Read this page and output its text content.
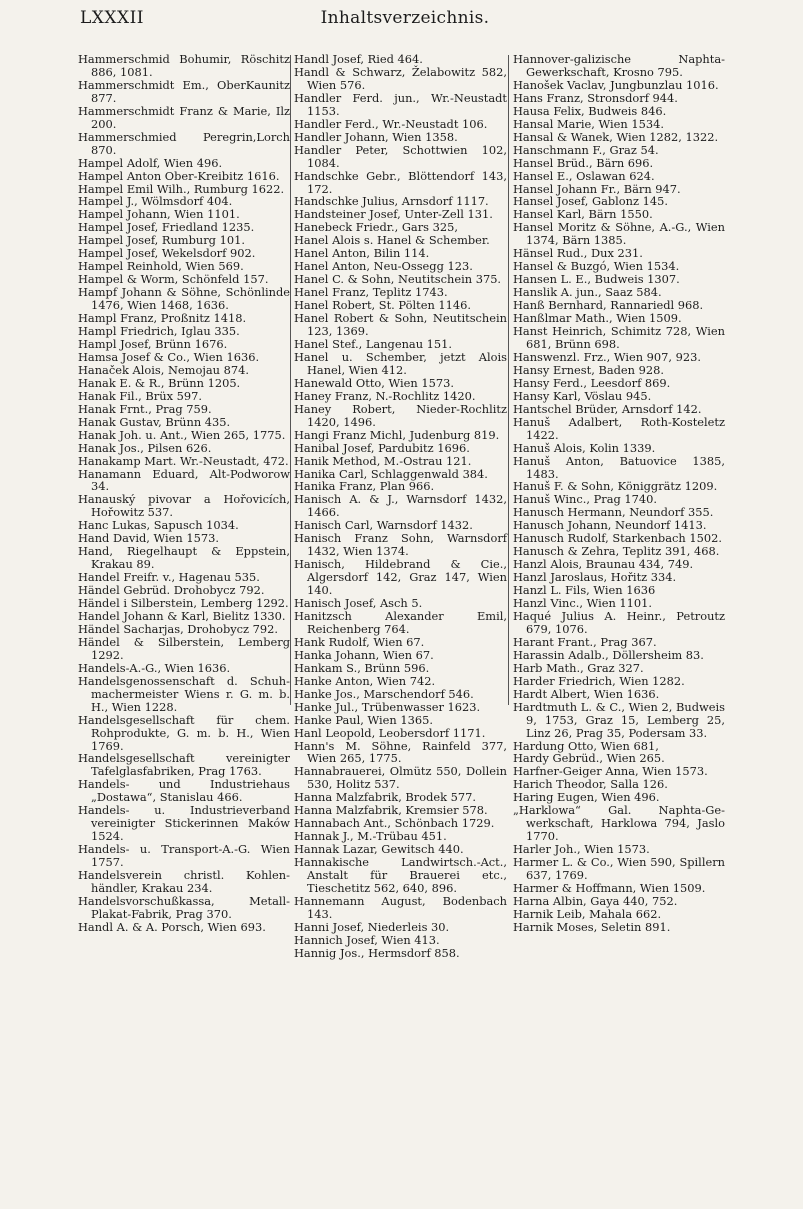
LXXXII	Inhaltsverzeichnis.

Hammerschmid Bohumir, Röschitz 886, 1081.

Hammerschmidt Em., OberKaunitz 877.

Hammerschmidt Franz & Marie, Ilz 200.

Hammerschmied Peregrin,Lorch 870.

Hampel Adolf, Wien 496.

Hampel Anton Ober-Kreibitz 1616.

Hampel Emil Wilh., Rumburg 1622.

Hampel J., Wölmsdorf 404.

Hampel Johann, Wien 1101.

Hampel Josef, Friedland 1235.

Hampel Josef, Rumburg 101.

Hampel Josef, Wekelsdorf 902.

Hampel Reinhold, Wien 569.

Hampel & Worm, Schönfeld 157.

Hampf Johann & Söhne, Schönlinde 1476, Wien 1468, 1636.

Hampl Franz, Proßnitz 1418.

Hampl Friedrich, Iglau 335.

Hampl Josef, Brünn 1676.

Hamsa Josef & Co., Wien 1636.

Hanaček Alois, Nemojau 874.

Hanak E. & R., Brünn 1205.

Hanak Fil., Brüx 597.

Hanak Frnt., Prag 759.

Hanak Gustav, Brünn 435.

Hanak Joh. u. Ant., Wien 265, 1775.

Hanak Jos., Pilsen 626.

Hanakamp Mart. Wr.-Neustadt, 472.

Hanamann Eduard, Alt-Podworow 34.

Hanauský pivovar a Hořovicích, Hořowitz 537.

Hanc Lukas, Sapusch 1034.

Hand David, Wien 1573.

Hand, Riegelhaupt & Eppstein, Krakau 89.

Handel Freifr. v., Hagenau 535.

Händel Gebrüd. Drohobycz 792.

Händel i Silberstein, Lemberg 1292.

Handel Johann & Karl, Bielitz 1330.

Händel Sacharjas, Drohobycz 792.

Händel & Silberstein, Lemberg 1292.

Handels-A.-G., Wien 1636.

Handelsgenossenschaft d. Schuhmachermeister Wiens r. G. m. b. H., Wien 1228.

Handelsgesellschaft für chem. Rohprodukte, G. m. b. H., Wien 1769.

Handelsgesellschaft vereinigter Tafelglasfabriken, Prag 1763.

Handels- und Industriehaus „Dostawa“, Stanislau 466.

Handels- u. Industrieverband vereinigter Stickerinnen Maków 1524.

Handels- u. Transport-A.-G. Wien 1757.

Handelsverein christl. Kohlenhändler, Krakau 234.

Handelsvorschußkassa, Metall-Plakat-Fabrik, Prag 370.

Handl A. & A. Porsch, Wien 693.

Handl Josef, Ried 464.

Handl & Schwarz, Želabowitz 582, Wien 576.

Handler Ferd. jun., Wr.-Neustadt 1153.

Handler Ferd., Wr.-Neustadt 106.

Handler Johann, Wien 1358.

Handler Peter, Schottwien 102, 1084.

Handschke Gebr., Blöttendorf 143, 172.

Handschke Julius, Arnsdorf 1117.

Handsteiner Josef, Unter-Zell 131.

Hanebeck Friedr., Gars 325,

Hanel Alois s. Hanel & Schember.

Hanel Anton, Bilin 114.

Hanel Anton, Neu-Ossegg 123.

Hanel C. & Sohn, Neutitschein 375.

Hanel Franz, Teplitz 1743.

Hanel Robert, St. Pölten 1146.

Hanel Robert & Sohn, Neutitschein 123, 1369.

Hanel Stef., Langenau 151.

Hanel u. Schember, jetzt Alois Hanel, Wien 412.

Hanewald Otto, Wien 1573.

Haney Franz, N.-Rochlitz 1420.

Haney Robert, Nieder-Rochlitz 1420, 1496.

Hangi Franz Michl, Judenburg 819.

Hanibal Josef, Pardubitz 1696.

Hanik Method, M.-Ostrau 121.

Hanika Carl, Schlaggenwald 384.

Hanika Franz, Plan 966.

Hanisch A. & J., Warnsdorf 1432, 1466.

Hanisch Carl, Warnsdorf 1432.

Hanisch Franz Sohn, Warnsdorf 1432, Wien 1374.

Hanisch, Hildebrand & Cie., Algersdorf 142, Graz 147, Wien 140.

Hanisch Josef, Asch 5.

Hanitzsch Alexander Emil, Reichenberg 764.

Hank Rudolf, Wien 67.

Hanka Johann, Wien 67.

Hankam S., Brünn 596.

Hanke Anton, Wien 742.

Hanke Jos., Marschendorf 546.

Hanke Jul., Trübenwasser 1623.

Hanke Paul, Wien 1365.

Hanl Leopold, Leobersdorf 1171.

Hann's M. Söhne, Rainfeld 377, Wien 265, 1775.

Hannabrauerei, Olmütz 550, Dollein 530, Holitz 537.

Hanna Malzfabrik, Brodek 577.

Hanna Malzfabrik, Kremsier 578.

Hannabach Ant., Schönbach 1729.

Hannak J., M.-Trübau 451.

Hannak Lazar, Gewitsch 440.

Hannakische Landwirtsch.-Act., Anstalt für Brauerei etc., Tieschetitz 562, 640, 896.

Hannemann August, Bodenbach 143.

Hanni Josef, Niederleis 30.

Hannich Josef, Wien 413.

Hannig Jos., Hermsdorf 858.

Hannover-galizische NaphtaGewerkschaft, Krosno 795.

Hanošek Vaclav, Jungbunzlau 1016.

Hans Franz, Stronsdorf 944.

Hausa Felix, Budweis 846.

Hansal Marie, Wien 1534.

Hansal & Wanek, Wien 1282, 1322.

Hanschmann F., Graz 54.

Hansel Brüd., Bärn 696.

Hansel E., Oslawan 624.

Hansel Johann Fr., Bärn 947.

Hansel Josef, Gablonz 145.

Hansel Karl, Bärn 1550.

Hansel Moritz & Söhne, A.-G., Wien 1374, Bärn 1385.

Hänsel Rud., Dux 231.

Hansel & Buzgó, Wien 1534.

Hansen L. E., Budweis 1307.

Hanslik A. jun., Saaz 584.

Hanß Bernhard, Rannariedl 968.

Hanßlmar Math., Wien 1509.

Hanst Heinrich, Schimitz 728, Wien 681, Brünn 698.

Hanswenzl. Frz., Wien 907, 923.

Hansy Ernest, Baden 928.

Hansy Ferd., Leesdorf 869.

Hansy Karl, Vöslau 945.

Hantschel Brüder, Arnsdorf 142.

Hanuš Adalbert, Roth-Kosteletz 1422.

Hanuš Alois, Kolin 1339.

Hanuš Anton, Batuovice 1385, 1483.

Hanuš F. & Sohn, Königgrätz 1209.

Hanuš Winc., Prag 1740.

Hanusch Hermann, Neundorf 355.

Hanusch Johann, Neundorf 1413.

Hanusch Rudolf, Starkenbach 1502.

Hanusch & Zehra, Teplitz 391, 468.

Hanzl Alois, Braunau 434, 749.

Hanzl Jaroslaus, Hořitz 334.

Hanzl L. Fils, Wien 1636

Hanzl Vinc., Wien 1101.

Haqué Julius A. Heinr., Petroutz 679, 1076.

Harant Frant., Prag 367.

Harassin Adalb., Döllersheim 83.

Harb Math., Graz 327.

Harder Friedrich, Wien 1282.

Hardt Albert, Wien 1636.

Hardtmuth L. & C., Wien 2, Budweis 9, 1753, Graz 15, Lemberg 25, Linz 26, Prag 35, Podersam 33.

Hardung Otto, Wien 681,

Hardy Gebrüd., Wien 265.

Harfner-Geiger Anna, Wien 1573.

Harich Theodor, Salla 126.

Haring Eugen, Wien 496.

„Harklowa“ Gal. Naphta-Gewerkschaft, Harklowa 794, Jaslo 1770.

Harler Joh., Wien 1573.

Harmer L. & Co., Wien 590, Spillern 637, 1769.

Harmer & Hoffmann, Wien 1509.

Harna Albin, Gaya 440, 752.

Harnik Leib, Mahala 662.

Harnik Moses, Seletin 891.
